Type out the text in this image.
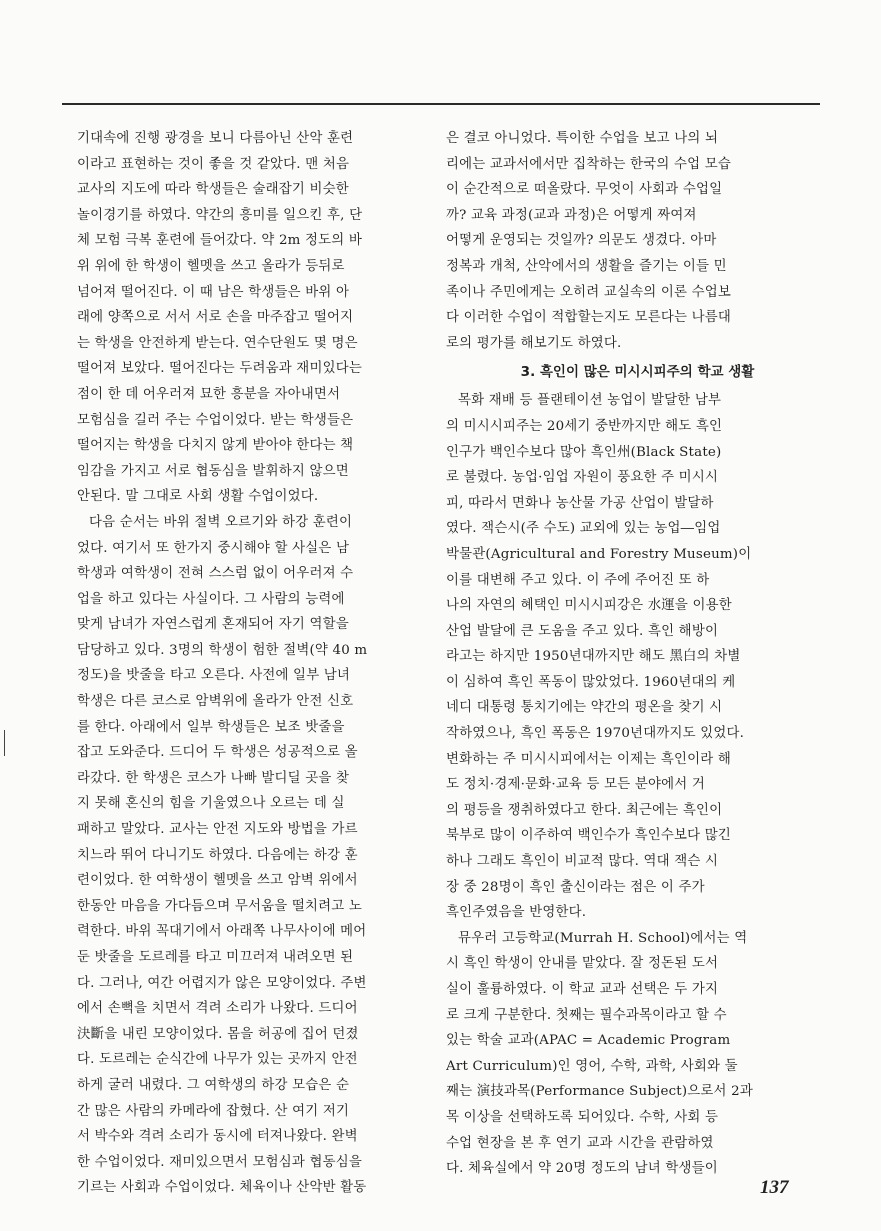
기대속에 진행 광경을 보니 다름아닌 산악 훈련
이라고 표현하는 것이 좋을 것 같았다. 맨 처음
교사의 지도에 따라 학생들은 술래잡기 비슷한
놀이경기를 하였다. 약간의 흥미를 일으킨 후, 단
체 모험 극복 훈련에 들어갔다. 약 2m 정도의 바
위 위에 한 학생이 헬멧을 쓰고 올라가 등뒤로
넘어져 떨어진다. 이 때 남은 학생들은 바위 아
래에 양쪽으로 서서 서로 손을 마주잡고 떨어지
는 학생을 안전하게 받는다. 연수단원도 몇 명은
떨어져 보았다. 떨어진다는 두려움과 재미있다는
점이 한 데 어우러져 묘한 흥분을 자아내면서
모험심을 길러 주는 수업이었다. 받는 학생들은
떨어지는 학생을 다치지 않게 받아야 한다는 책
임감을 가지고 서로 협동심을 발휘하지 않으면
안된다. 말 그대로 사회 생활 수업이었다.
다음 순서는 바위 절벽 오르기와 하강 훈련이
었다. 여기서 또 한가지 중시해야 할 사실은 남
학생과 여학생이 전혀 스스럼 없이 어우러져 수
업을 하고 있다는 사실이다. 그 사람의 능력에
맞게 남녀가 자연스럽게 혼재되어 자기 역할을
담당하고 있다. 3명의 학생이 험한 절벽(약 40 m
정도)을 밧줄을 타고 오른다. 사전에 일부 남녀
학생은 다른 코스로 암벽위에 올라가 안전 신호
를 한다. 아래에서 일부 학생들은 보조 밧줄을
잡고 도와준다. 드디어 두 학생은 성공적으로 올
라갔다. 한 학생은 코스가 나빠 발디딜 곳을 찾
지 못해 혼신의 힘을 기울였으나 오르는 데 실
패하고 말았다. 교사는 안전 지도와 방법을 가르
치느라 뛰어 다니기도 하였다. 다음에는 하강 훈
련이었다. 한 여학생이 헬멧을 쓰고 암벽 위에서
한동안 마음을 가다듬으며 무서움을 떨치려고 노
력한다. 바위 꼭대기에서 아래쪽 나무사이에 메어
둔 밧줄을 도르레를 타고 미끄러져 내려오면 된
다. 그러나, 여간 어렵지가 않은 모양이었다. 주변
에서 손뼉을 치면서 격려 소리가 나왔다. 드디어
決斷을 내린 모양이었다. 몸을 허공에 집어 던졌
다. 도르레는 순식간에 나무가 있는 곳까지 안전
하게 굴러 내렸다. 그 여학생의 하강 모습은 순
간 많은 사람의 카메라에 잡혔다. 산 여기 저기
서 박수와 격려 소리가 동시에 터져나왔다. 완벽
한 수업이었다. 재미있으면서 모험심과 협동심을
기르는 사회과 수업이었다. 체육이나 산악반 활동
은 결코 아니었다. 특이한 수업을 보고 나의 뇌
리에는 교과서에서만 집착하는 한국의 수업 모습
이 순간적으로 떠올랐다. 무엇이 사회과 수업일
까? 교육 과정(교과 과정)은 어떻게 짜여져
어떻게 운영되는 것일까? 의문도 생겼다. 아마
정복과 개척, 산악에서의 생활을 즐기는 이들 민
족이나 주민에게는 오히려 교실속의 이론 수업보
다 이러한 수업이 적합할는지도 모른다는 나름대
로의 평가를 해보기도 하였다.
3. 흑인이 많은 미시시피주의 학교 생활
목화 재배 등 플랜테이션 농업이 발달한 남부
의 미시시피주는 20세기 중반까지만 해도 흑인
인구가 백인수보다 많아 흑인州(Black State)
로 불렸다. 농업·임업 자원이 풍요한 주 미시시
피, 따라서 면화나 농산물 가공 산업이 발달하
였다. 잭슨시(주 수도) 교외에 있는 농업―임업
박물관(Agricultural and Forestry Museum)이
이를 대변해 주고 있다. 이 주에 주어진 또 하
나의 자연의 혜택인 미시시피강은 水運을 이용한
산업 발달에 큰 도움을 주고 있다. 흑인 해방이
라고는 하지만 1950년대까지만 해도 黑白의 차별
이 심하여 흑인 폭동이 많았었다. 1960년대의 케
네디 대통령 통치기에는 약간의 평온을 찾기 시
작하였으나, 흑인 폭동은 1970년대까지도 있었다.
변화하는 주 미시시피에서는 이제는 흑인이라 해
도 정치·경제·문화·교육 등 모든 분야에서 거
의 평등을 쟁취하였다고 한다. 최근에는 흑인이
북부로 많이 이주하여 백인수가 흑인수보다 많긴
하나 그래도 흑인이 비교적 많다. 역대 잭슨 시
장 중 28명이 흑인 출신이라는 점은 이 주가
흑인주였음을 반영한다.
뮤우러 고등학교(Murrah H. School)에서는 역
시 흑인 학생이 안내를 맡았다. 잘 정돈된 도서
실이 훌륭하였다. 이 학교 교과 선택은 두 가지
로 크게 구분한다. 첫째는 필수과목이라고 할 수
있는 학술 교과(APAC = Academic Program
Art Curriculum)인 영어, 수학, 과학, 사회와 둘
째는 演技과목(Performance Subject)으로서 2과
목 이상을 선택하도록 되어있다. 수학, 사회 등
수업 현장을 본 후 연기 교과 시간을 관람하였
다. 체육실에서 약 20명 정도의 남녀 학생들이
137
